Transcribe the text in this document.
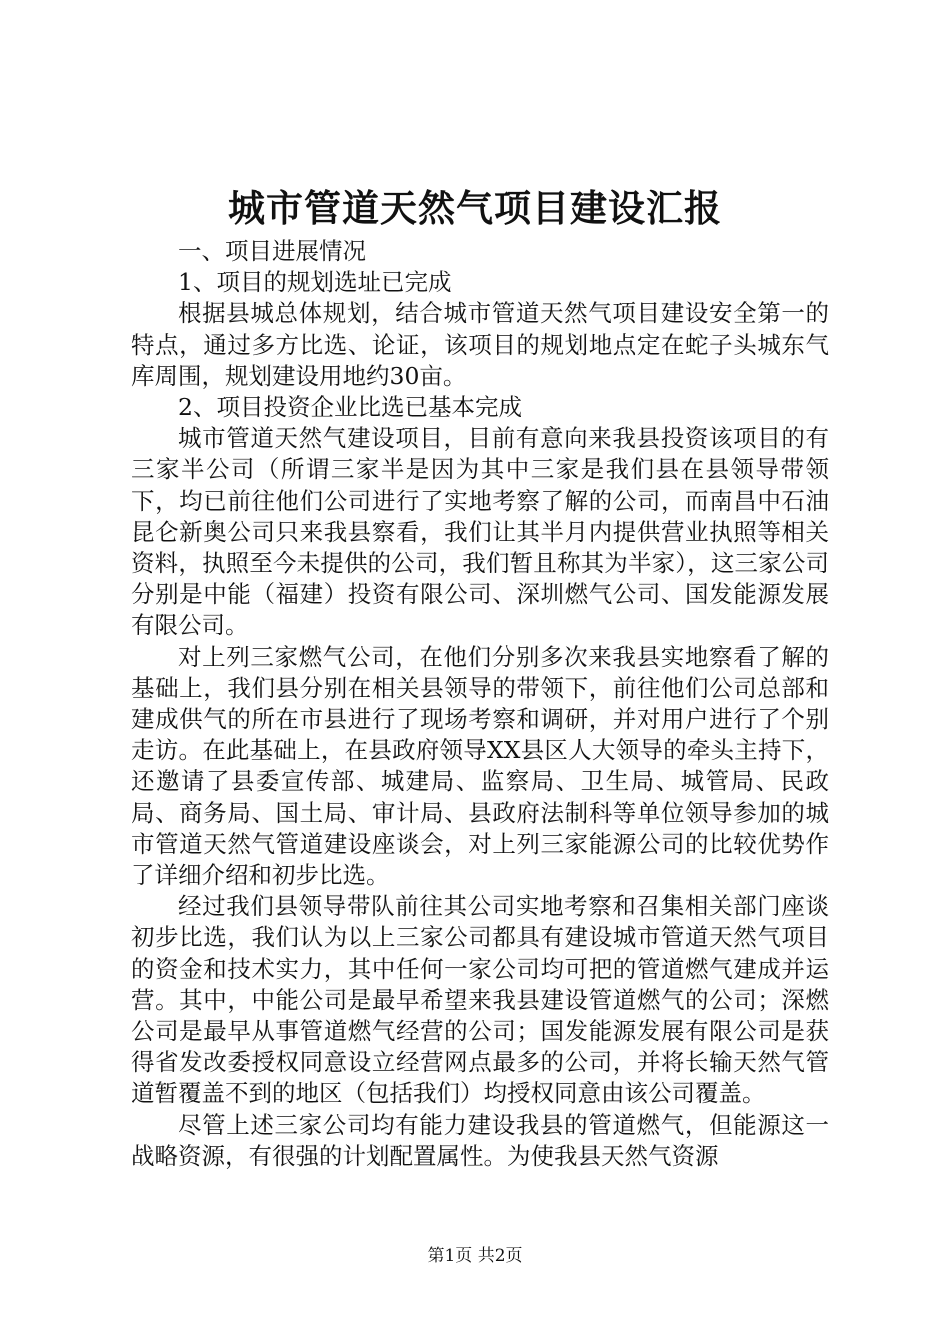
城市管道天然气项目建设汇报

一、项目进展情况

1、项目的规划选址已完成

根据县城总体规划，结合城市管道天然气项目建设安全第一的特点，通过多方比选、论证，该项目的规划地点定在蛇子头城东气库周围，规划建设用地约30亩。

2、项目投资企业比选已基本完成

城市管道天然气建设项目，目前有意向来我县投资该项目的有三家半公司（所谓三家半是因为其中三家是我们县在县领导带领下，均已前往他们公司进行了实地考察了解的公司，而南昌中石油昆仑新奥公司只来我县察看，我们让其半月内提供营业执照等相关资料，执照至今未提供的公司，我们暂且称其为半家），这三家公司分别是中能（福建）投资有限公司、深圳燃气公司、国发能源发展有限公司。

对上列三家燃气公司，在他们分别多次来我县实地察看了解的基础上，我们县分别在相关县领导的带领下，前往他们公司总部和建成供气的所在市县进行了现场考察和调研，并对用户进行了个别走访。在此基础上，在县政府领导XX县区人大领导的牵头主持下，还邀请了县委宣传部、城建局、监察局、卫生局、城管局、民政局、商务局、国土局、审计局、县政府法制科等单位领导参加的城市管道天然气管道建设座谈会，对上列三家能源公司的比较优势作了详细介绍和初步比选。

经过我们县领导带队前往其公司实地考察和召集相关部门座谈初步比选，我们认为以上三家公司都具有建设城市管道天然气项目的资金和技术实力，其中任何一家公司均可把的管道燃气建成并运营。其中，中能公司是最早希望来我县建设管道燃气的公司；深燃公司是最早从事管道燃气经营的公司；国发能源发展有限公司是获得省发改委授权同意设立经营网点最多的公司，并将长输天然气管道暂覆盖不到的地区（包括我们）均授权同意由该公司覆盖。

尽管上述三家公司均有能力建设我县的管道燃气，但能源这一战略资源，有很强的计划配置属性。为使我县天然气资源

第1页 共2页
